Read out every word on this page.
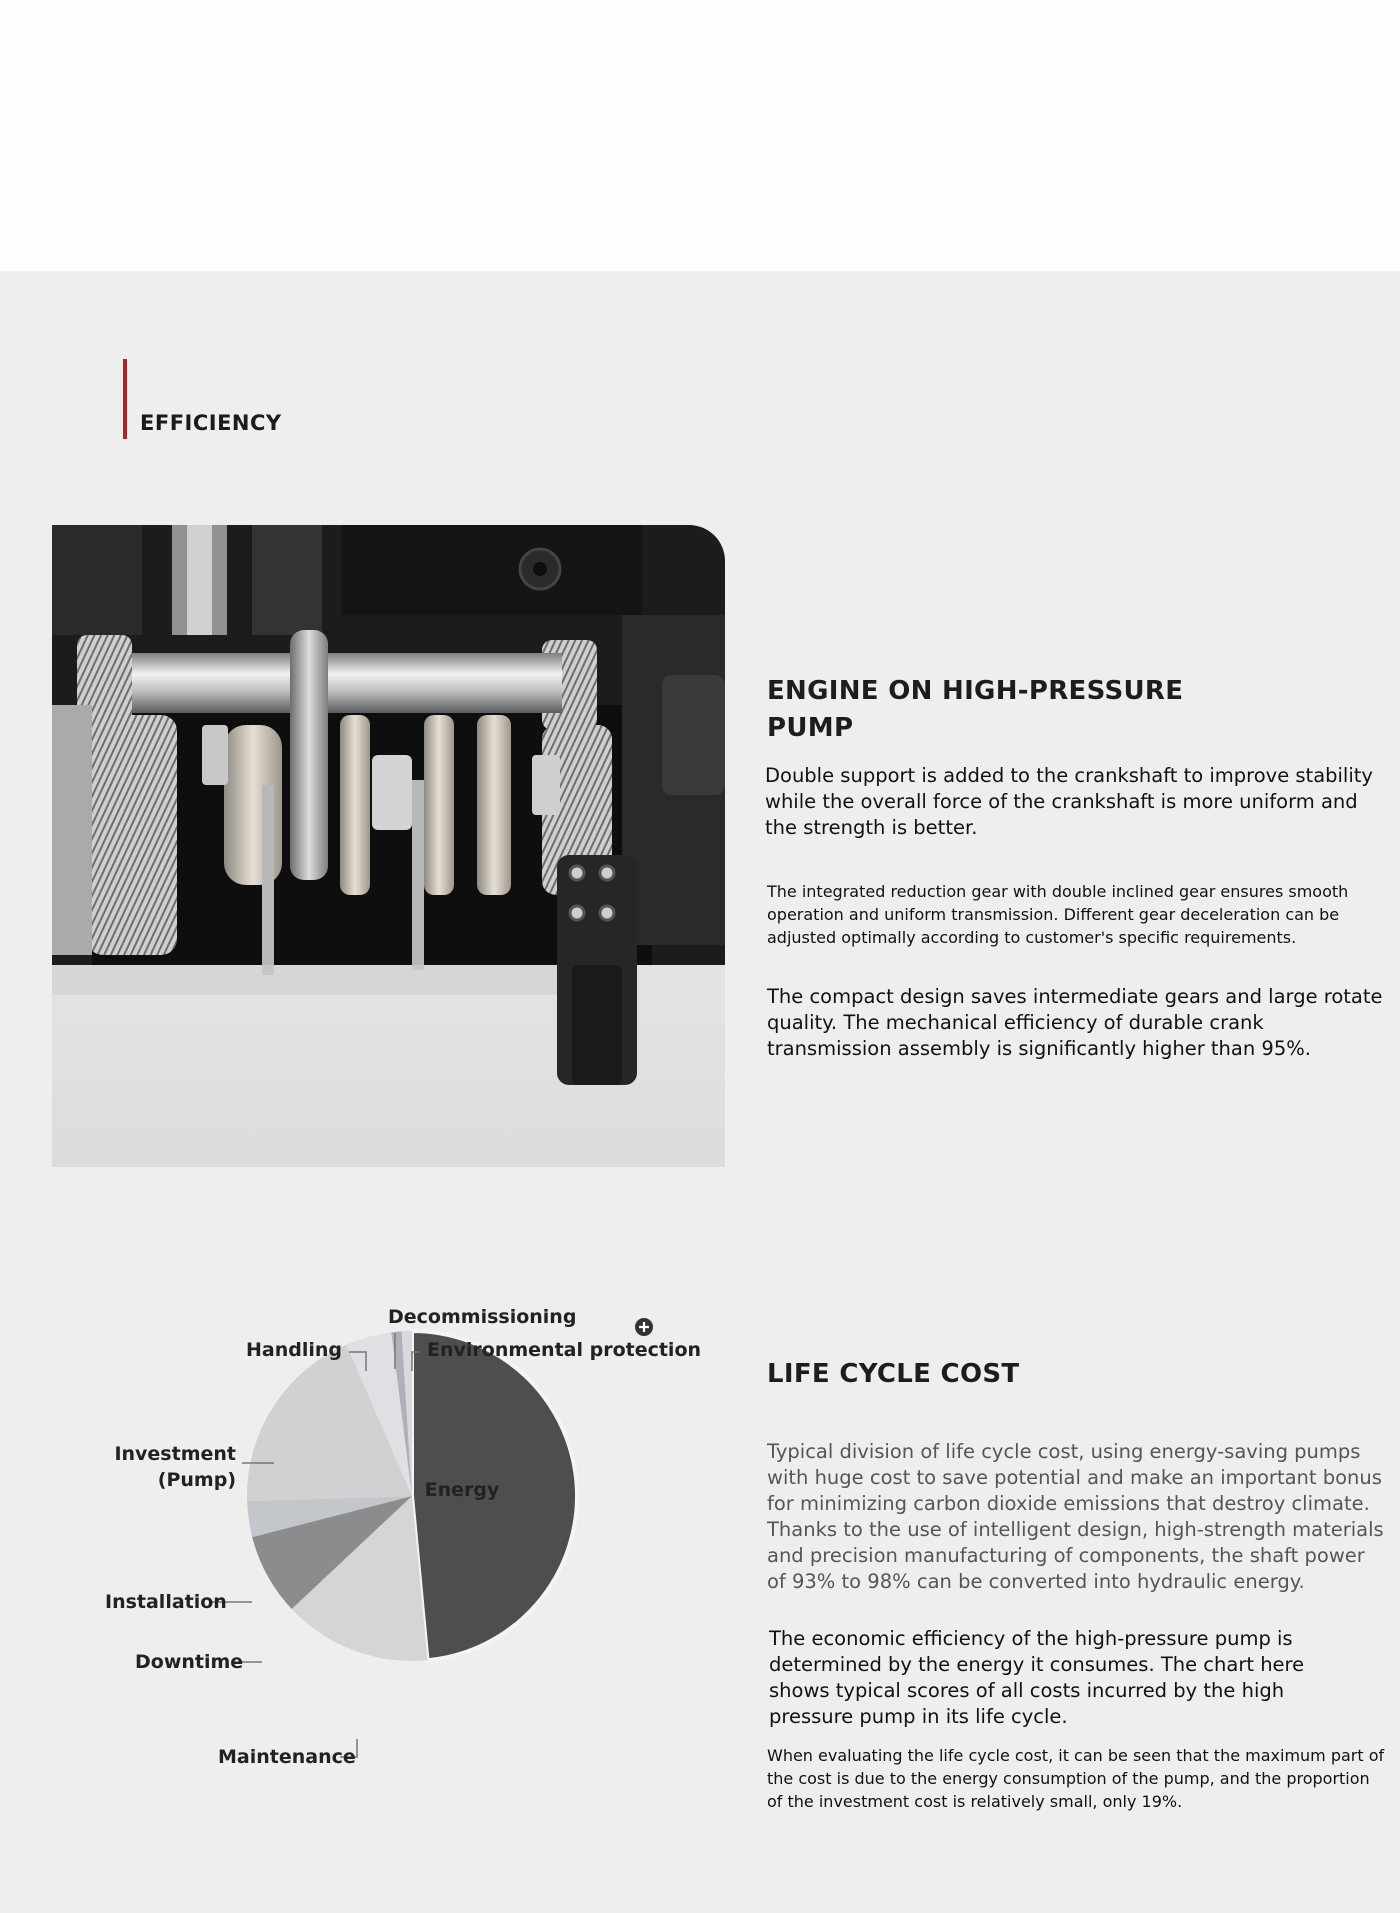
EFFICIENCY
ENGINE ON HIGH-PRESSURE
PUMP
Double support is added to the crankshaft to improve stability while the overall force of the crankshaft is more uniform and the strength is better.
The integrated reduction gear with double inclined gear ensures smooth operation and uniform transmission. Different gear deceleration can be adjusted optimally according to customer's specific requirements.
The compact design saves intermediate gears and large rotate quality. The mechanical efficiency of durable crank transmission assembly is significantly higher than 95%.
Energy
Maintenance
Downtime
Installation
Investment (Pump)
Handling
Decommissioning
Environmental protection
LIFE CYCLE COST
Typical division of life cycle cost, using energy-saving pumps with huge cost to save potential and make an important bonus for minimizing carbon dioxide emissions that destroy climate. Thanks to the use of intelligent design, high-strength materials and precision manufacturing of components, the shaft power of 93% to 98% can be converted into hydraulic energy.
The economic efficiency of the high-pressure pump is determined by the energy it consumes. The chart here shows typical scores of all costs incurred by the high pressure pump in its life cycle.
When evaluating the life cycle cost, it can be seen that the maximum part of the cost is due to the energy consumption of the pump, and the proportion of the investment cost is relatively small, only 19%.
